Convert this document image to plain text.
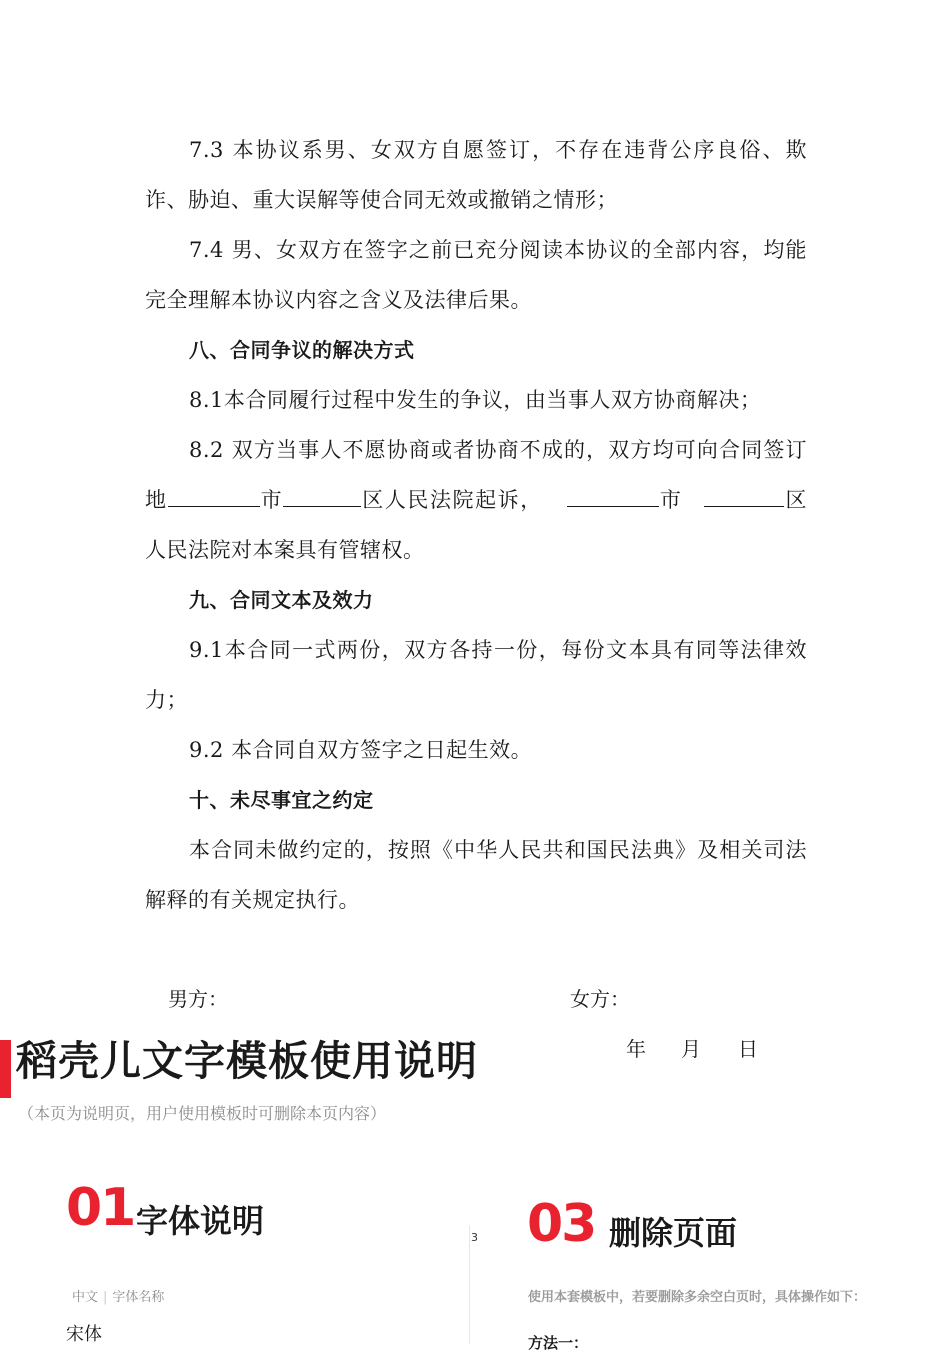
7.3 本协议系男、女双方自愿签订，不存在违背公序良俗、欺诈、胁迫、重大误解等使合同无效或撤销之情形；

7.4 男、女双方在签字之前已充分阅读本协议的全部内容，均能完全理解本协议内容之含义及法律后果。

八、合同争议的解决方式

8.1本合同履行过程中发生的争议，由当事人双方协商解决；

8.2 双方当事人不愿协商或者协商不成的，双方均可向合同签订地	市	区人民法院起诉，	市	区人民法院对本案具有管辖权。

九、合同文本及效力

9.1本合同一式两份，双方各持一份，每份文本具有同等法律效力；

9.2 本合同自双方签字之日起生效。

十、未尽事宜之约定

本合同未做约定的，按照《中华人民共和国民法典》及相关司法解释的有关规定执行。

男方：	女方：
年 月 日
稻壳儿文字模板使用说明
（本页为说明页，用户使用模板时可删除本页内容）
01 字体说明
中文 | 字体名称
宋体
3 03 删除页面
使用本套模板中，若要删除多余空白页时，具体操作如下：
方法一：
